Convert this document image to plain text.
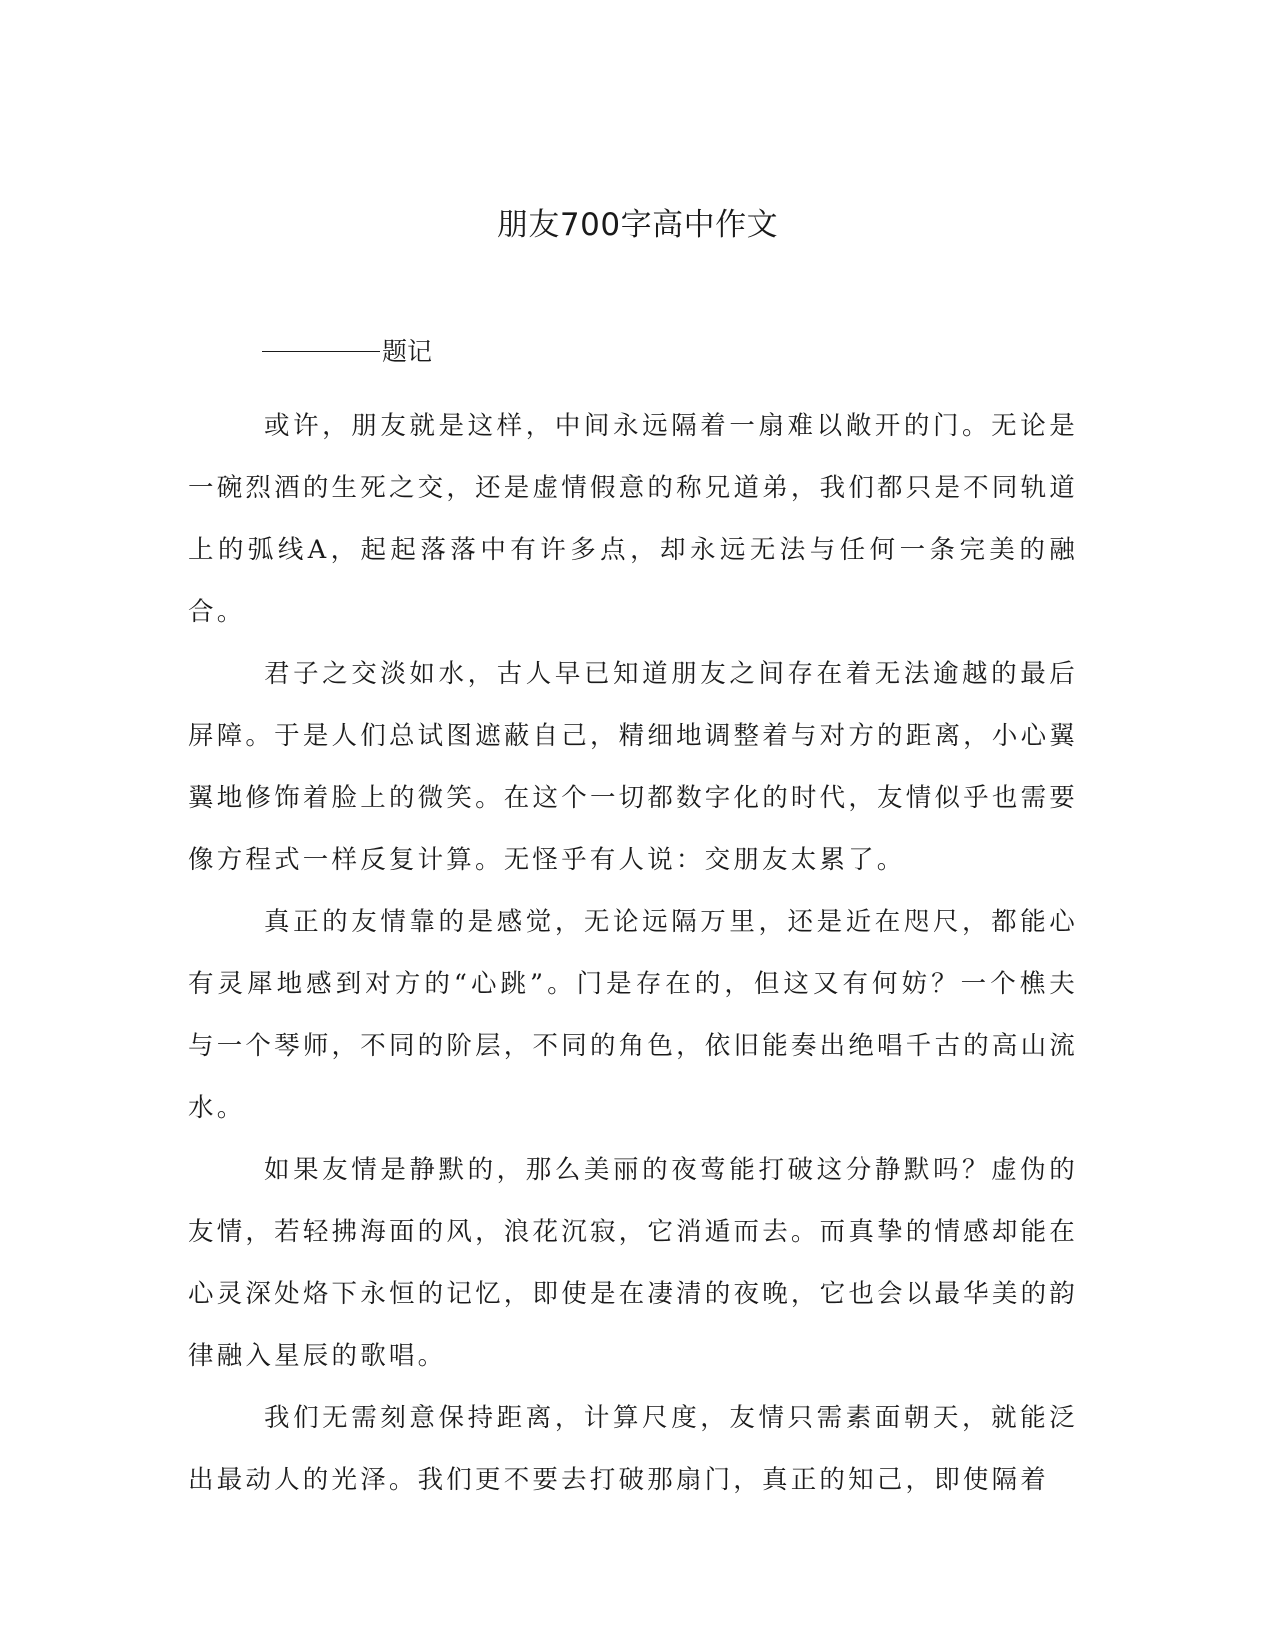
朋友700字高中作文
题记

或许，朋友就是这样，中间永远隔着一扇难以敞开的门。无论是一碗烈酒的生死之交，还是虚情假意的称兄道弟，我们都只是不同轨道上的弧线A，起起落落中有许多点，却永远无法与任何一条完美的融合。

君子之交淡如水，古人早已知道朋友之间存在着无法逾越的最后屏障。于是人们总试图遮蔽自己，精细地调整着与对方的距离，小心翼翼地修饰着脸上的微笑。在这个一切都数字化的时代，友情似乎也需要像方程式一样反复计算。无怪乎有人说：交朋友太累了。

真正的友情靠的是感觉，无论远隔万里，还是近在咫尺，都能心有灵犀地感到对方的“心跳”。门是存在的，但这又有何妨？一个樵夫与一个琴师，不同的阶层，不同的角色，依旧能奏出绝唱千古的高山流水。

如果友情是静默的，那么美丽的夜莺能打破这分静默吗？虚伪的友情，若轻拂海面的风，浪花沉寂，它消遁而去。而真挚的情感却能在心灵深处烙下永恒的记忆，即使是在凄清的夜晚，它也会以最华美的韵律融入星辰的歌唱。

我们无需刻意保持距离，计算尺度，友情只需素面朝天，就能泛出最动人的光泽。我们更不要去打破那扇门，真正的知己，即使隔着
